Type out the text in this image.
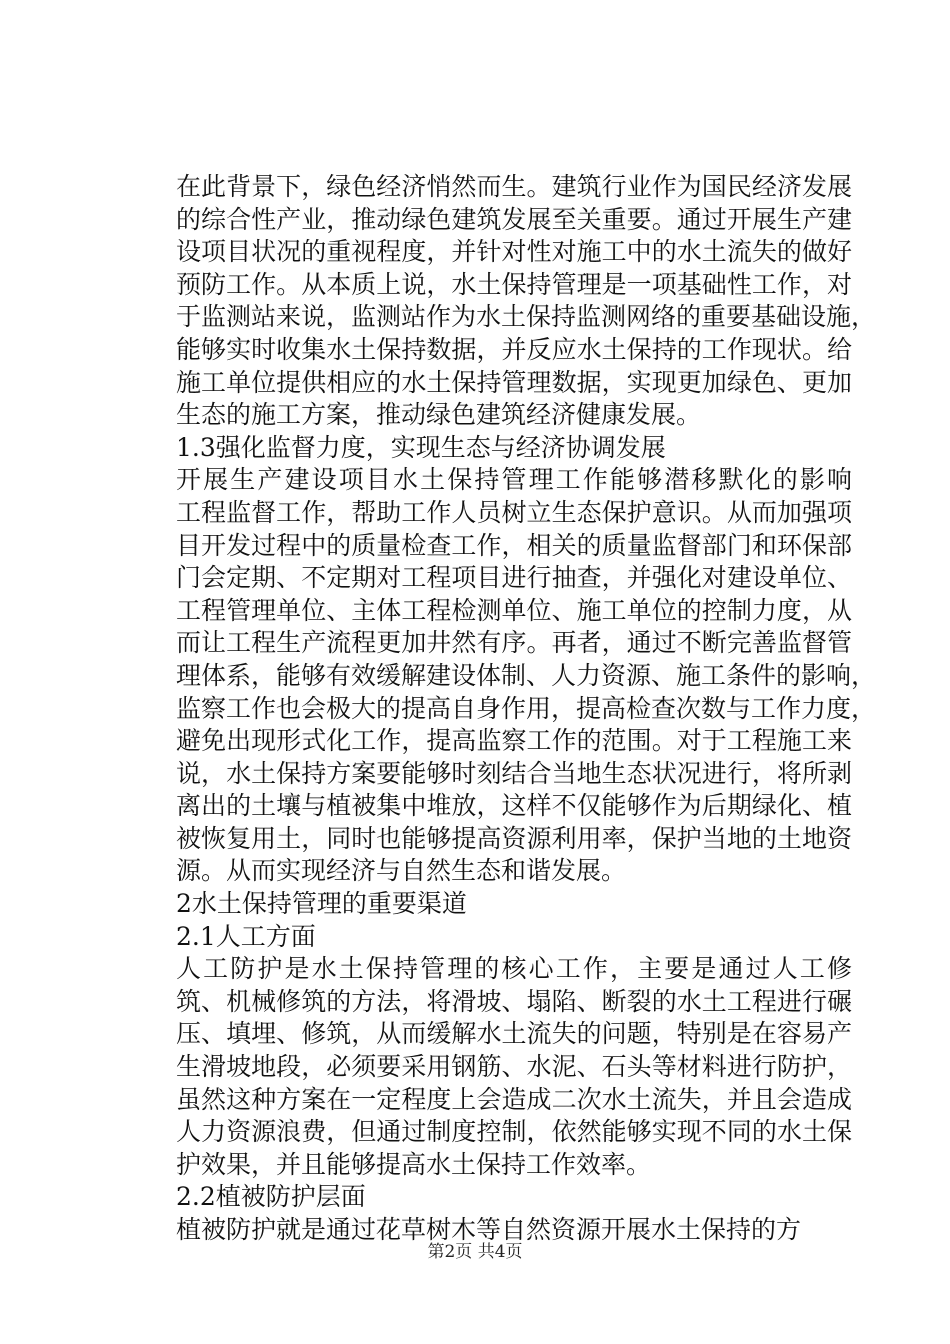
在此背景下，绿色经济悄然而生。建筑行业作为国民经济发展
的综合性产业，推动绿色建筑发展至关重要。通过开展生产建
设项目状况的重视程度，并针对性对施工中的水土流失的做好
预防工作。从本质上说，水土保持管理是一项基础性工作，对
于监测站来说，监测站作为水土保持监测网络的重要基础设施，
能够实时收集水土保持数据，并反应水土保持的工作现状。给
施工单位提供相应的水土保持管理数据，实现更加绿色、更加
生态的施工方案，推动绿色建筑经济健康发展。
1.3强化监督力度，实现生态与经济协调发展
开展生产建设项目水土保持管理工作能够潜移默化的影响
工程监督工作，帮助工作人员树立生态保护意识。从而加强项
目开发过程中的质量检查工作，相关的质量监督部门和环保部
门会定期、不定期对工程项目进行抽查，并强化对建设单位、
工程管理单位、主体工程检测单位、施工单位的控制力度，从
而让工程生产流程更加井然有序。再者，通过不断完善监督管
理体系，能够有效缓解建设体制、人力资源、施工条件的影响，
监察工作也会极大的提高自身作用，提高检查次数与工作力度，
避免出现形式化工作，提高监察工作的范围。对于工程施工来
说，水土保持方案要能够时刻结合当地生态状况进行，将所剥
离出的土壤与植被集中堆放，这样不仅能够作为后期绿化、植
被恢复用土，同时也能够提高资源利用率，保护当地的土地资
源。从而实现经济与自然生态和谐发展。
2水土保持管理的重要渠道
2.1人工方面
人工防护是水土保持管理的核心工作，主要是通过人工修
筑、机械修筑的方法，将滑坡、塌陷、断裂的水土工程进行碾
压、填埋、修筑，从而缓解水土流失的问题，特别是在容易产
生滑坡地段，必须要采用钢筋、水泥、石头等材料进行防护，
虽然这种方案在一定程度上会造成二次水土流失，并且会造成
人力资源浪费，但通过制度控制，依然能够实现不同的水土保
护效果，并且能够提高水土保持工作效率。
2.2植被防护层面
植被防护就是通过花草树木等自然资源开展水土保持的方
第2页 共4页
